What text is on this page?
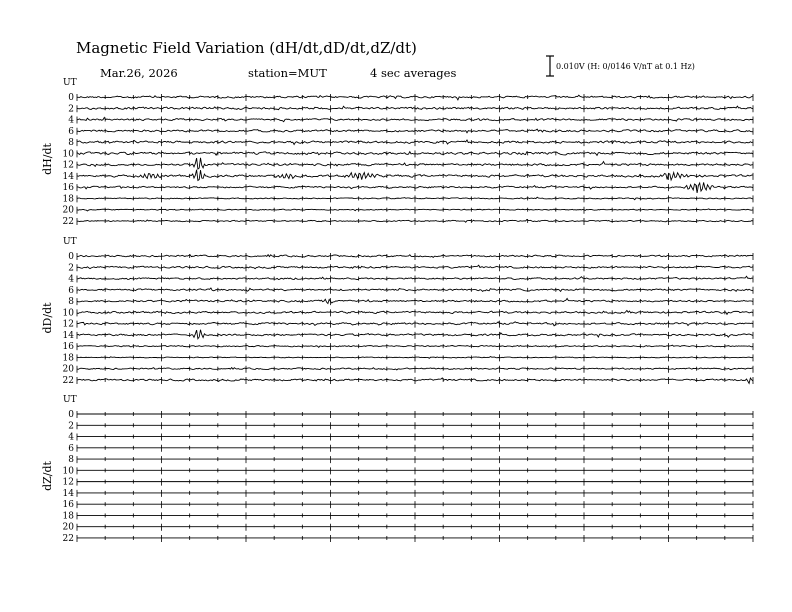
Magnetic Field Variation (dH/dt,dD/dt,dZ/dt)
Mar.26, 2026	station=MUT	4 sec averages	0.010V (H: 0/0146 V/nT at 0.1 Hz)
UT
dH/dt
0
2
4
6
8
10
12
14
16
18
20
22
UT
dD/dt
0
2
4
6
8
10
12
14
16
18
20
22
UT
dZ/dt
0
2
4
6
8
10
12
14
16
18
20
22
